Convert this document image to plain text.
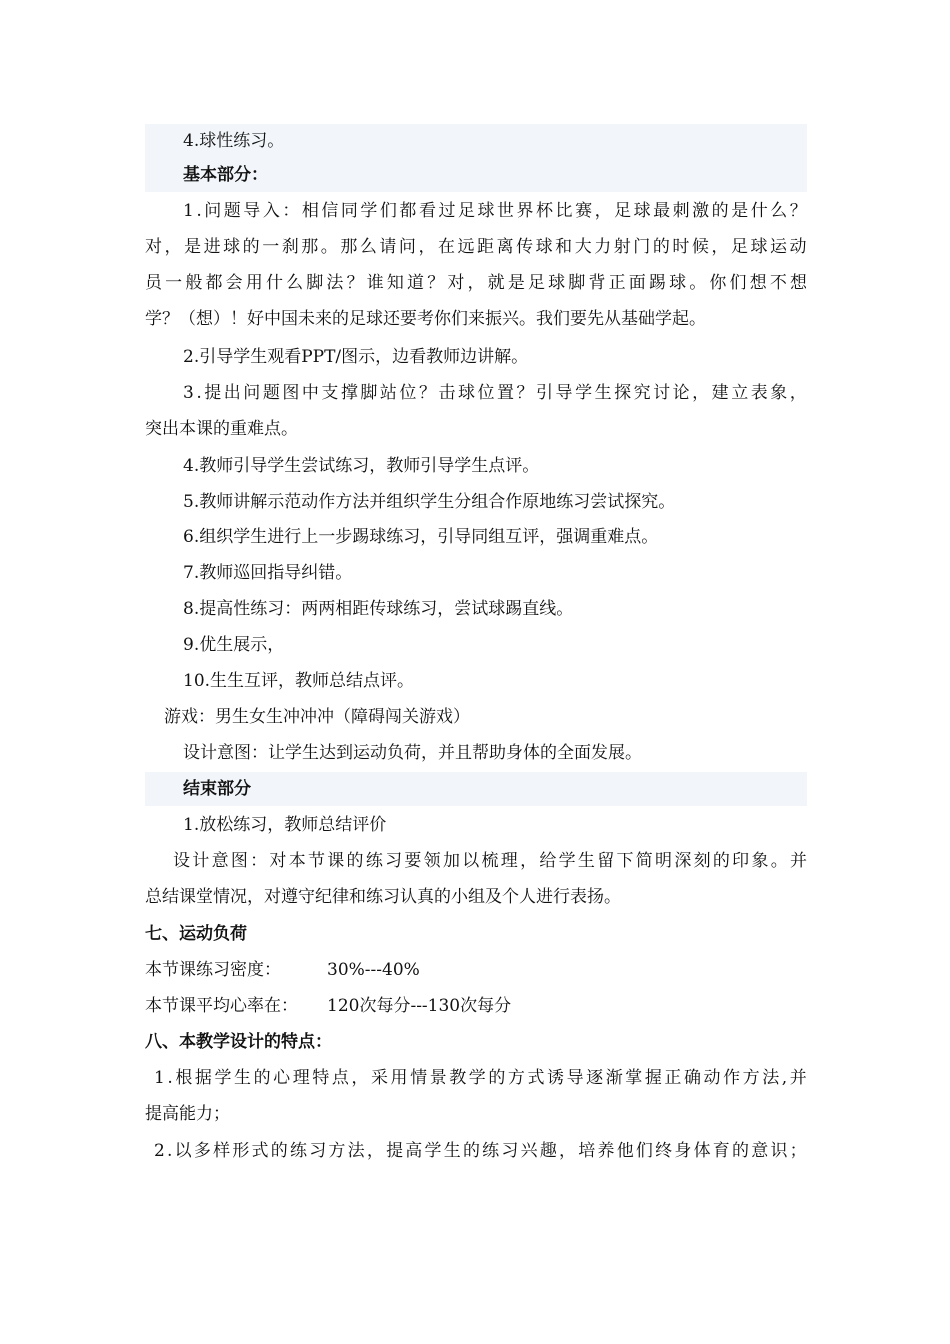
4.球性练习。
基本部分：
1 . 问 题 导 入 ： 相 信 同 学 们 都 看 过 足 球 世 界 杯 比 赛 ， 足 球 最 刺 激 的 是 什 么 ？
对 ， 是 进 球 的 一 刹 那 。 那 么 请 问 ， 在 远 距 离 传 球 和 大 力 射 门 的 时 候 ， 足 球 运 动
员 一 般 都 会 用 什 么 脚 法 ？ 谁 知 道 ？ 对 ， 就 是 足 球 脚 背 正 面 踢 球 。 你 们 想 不 想
学？（想）！好中国未来的足球还要考你们来振兴。我们要先从基础学起。
2.引导学生观看PPT/图示，边看教师边讲解。
3 . 提 出 问 题 图 中 支 撑 脚 站 位 ？ 击 球 位 置 ？ 引 导 学 生 探 究 讨 论 ， 建 立 表 象 ，
突出本课的重难点。
4.教师引导学生尝试练习，教师引导学生点评。
5.教师讲解示范动作方法并组织学生分组合作原地练习尝试探究。
6.组织学生进行上一步踢球练习，引导同组互评，强调重难点。
7.教师巡回指导纠错。
8.提高性练习：两两相距传球练习，尝试球踢直线。
9.优生展示，
10.生生互评，教师总结点评。
游戏：男生女生冲冲冲（障碍闯关游戏）
设计意图：让学生达到运动负荷，并且帮助身体的全面发展。
结束部分
1.放松练习，教师总结评价
设 计 意 图 ： 对 本 节 课 的 练 习 要 领 加 以 梳 理 ， 给 学 生 留 下 简 明 深 刻 的 印 象 。 并
总结课堂情况，对遵守纪律和练习认真的小组及个人进行表扬。
七、运动负荷
本节课练习密度：	30%---40%
本节课平均心率在：	120次每分---130次每分
八、本教学设计的特点：
1 . 根 据 学 生 的 心 理 特 点 ， 采 用 情 景 教 学 的 方 式 诱 导 逐 渐 掌 握 正 确 动 作 方 法 , 并
提高能力；
2 . 以 多 样 形 式 的 练 习 方 法 ， 提 高 学 生 的 练 习 兴 趣 ， 培 养 他 们 终 身 体 育 的 意 识 ；
